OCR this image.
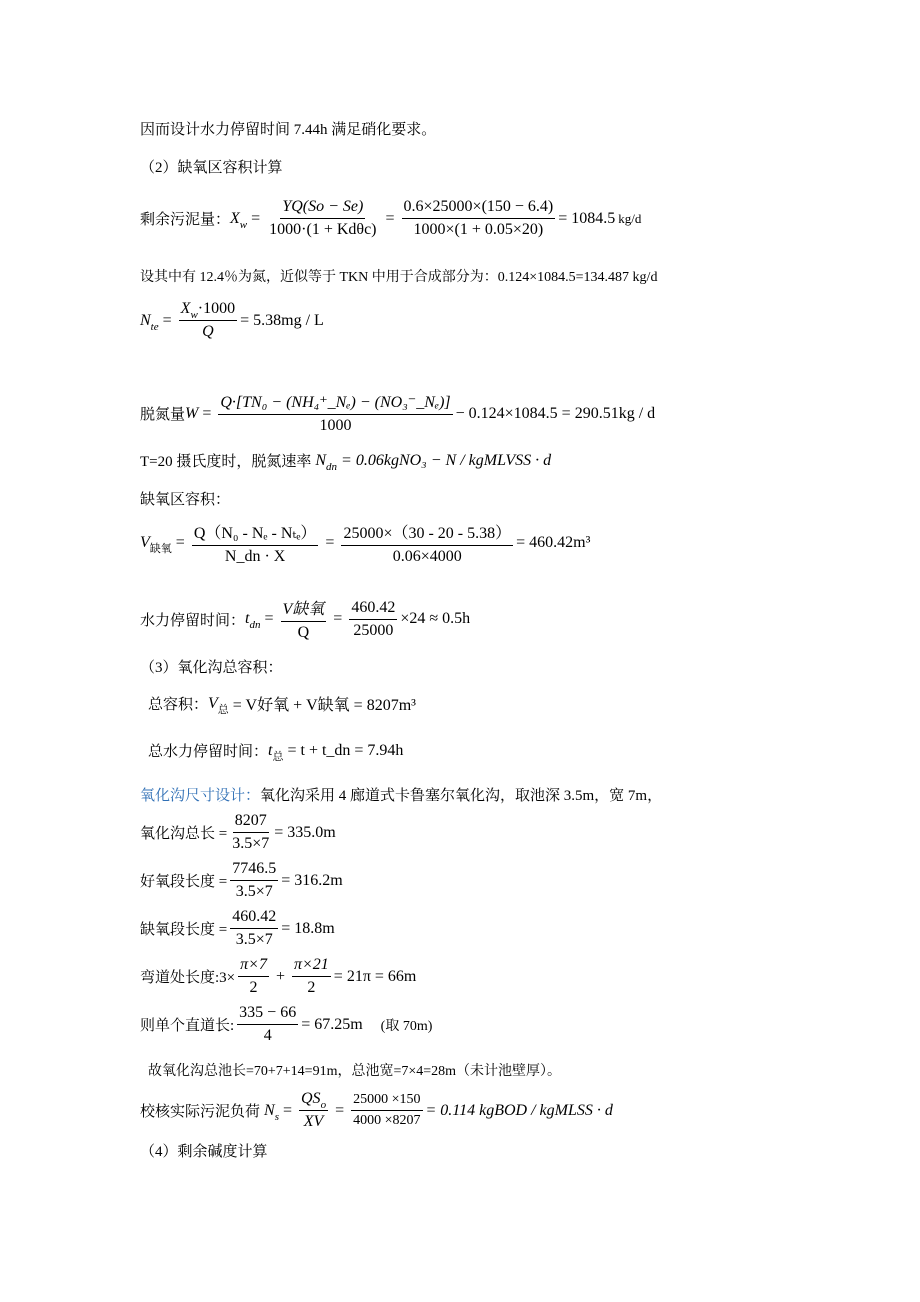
因而设计水力停留时间 7.44h 满足硝化要求。
（2）缺氧区容积计算
剩余污泥量： $X_w = \frac{YQ(So - Se)}{\text{1000·(1 + Kdθc)}} = \frac{0.6\times 25000\times(150 - 6.4)}{1000\times(1 + 0.05\times 20)} = 1084.5$ kg/d
设其中有 12.4％为氮，近似等于 TKN 中用于合成部分为：0.124×1084.5=134.487 kg/d
$N_{te} = \frac{X_w\cdot 1000}{Q} = 5.38mg / L$
脱氮量 $W = \frac{\text{Q·[TN₀ − (NH₄⁺\_Nₑ) − (NO₃⁻\_Nₑ)]}}{1000} - 0.124\times 1084.5 = 290.51kg / d$
T=20 摄氏度时，脱氮速率 $N_{dn}$ = 0.06kgNO₃ − N / kgMLVSS · d
缺氧区容积：
$V_{缺氧} = \frac{\text{Q（N₀ - Nₑ - Nₜₑ）}}{N\_dn \cdot X} = \frac{25000\times(30 - 20 - 5.38)}{0.06\times 4000} = 460.42m^3$
水力停留时间： $t_{dn} = \frac{\text{V缺氧}}{Q} = \frac{460.42}{25000} \times 24 \approx 0.5h$
（3）氧化沟总容积：
总容积： $V_总 = V$好氧 + V缺氧 = 8207m³
总水力停留时间： $t_总 = t$ + t_dn = 7.94h
氧化沟尺寸设计： 氧化沟采用 4 廊道式卡鲁塞尔氧化沟，取池深 3.5m，宽 7m，
氧化沟总长 = $\frac{8207}{3.5\times 7} = 335.0m$
好氧段长度 = $\frac{7746.5}{3.5\times 7} = 316.2m$
缺氧段长度 = $\frac{460.42}{3.5\times 7} = 18.8m$
弯道处长度:3× $\frac{\pi\times 7}{2} + \frac{\pi\times 21}{2} = 21\pi = 66m$
则单个直道长: $\frac{335 - 66}{4} = 67.25m$ (取 70m)
故氧化沟总池长=70+7+14=91m，总池宽=7×4=28m（未计池壁厚）。
校核实际污泥负荷 $N_s = \frac{QS_o}{XV} = \frac{25000 \times 150}{4000 \times 8207} = 0.114$ kgBOD / kgMLSS · d
（4）剩余碱度计算
